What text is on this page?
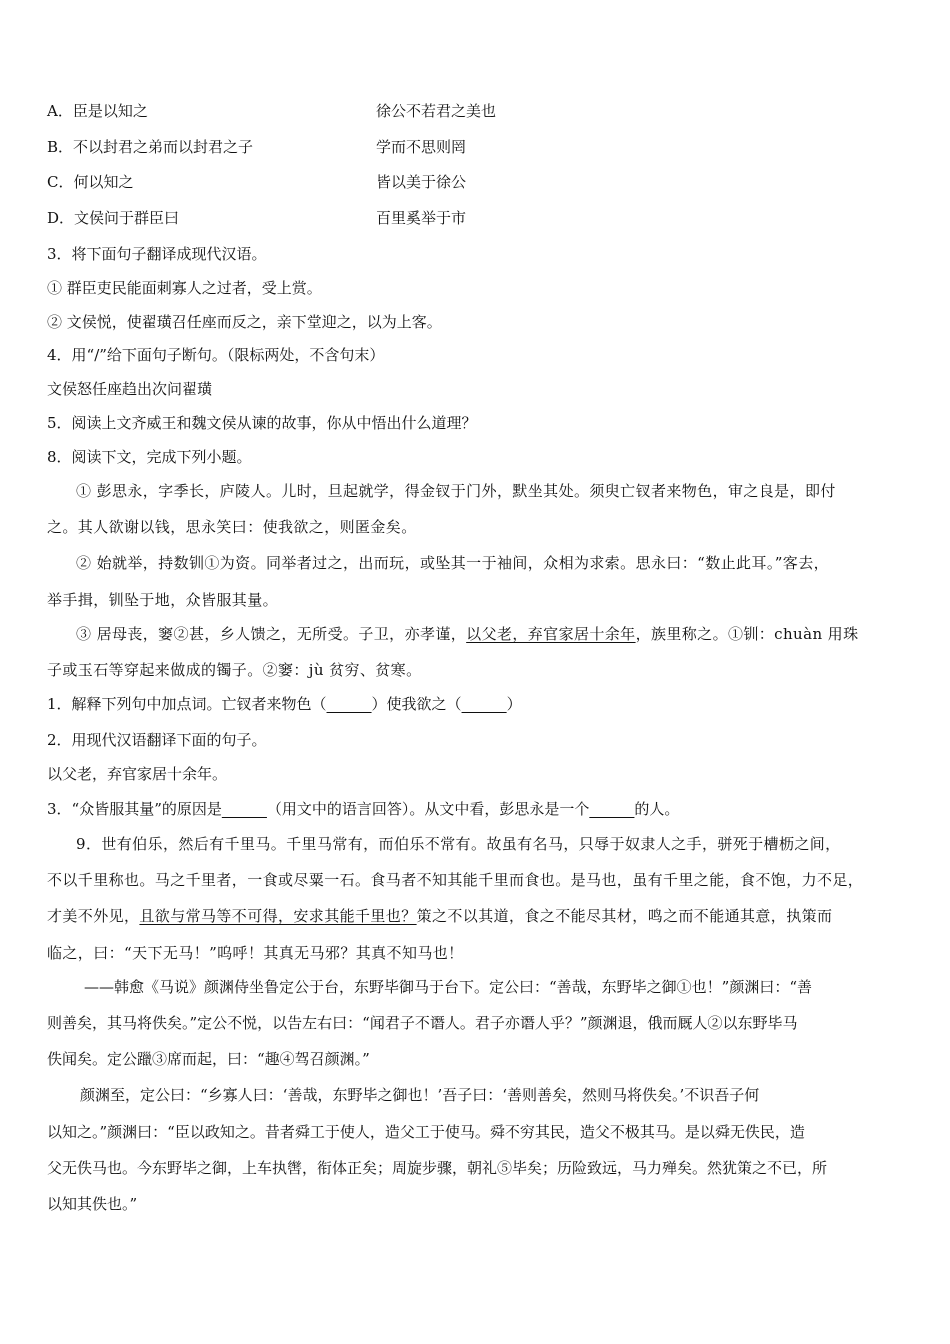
A．臣是以知之	徐公不若君之美也
B．不以封君之弟而以封君之子	学而不思则罔
C．何以知之	皆以美于徐公
D．文侯问于群臣曰	百里奚举于市
3．将下面句子翻译成现代汉语。
① 群臣吏民能面刺寡人之过者，受上赏。
② 文侯悦，使翟璜召任座而反之，亲下堂迎之，以为上客。
4．用“/”给下面句子断句。（限标两处，不含句末）
文侯怒任座趋出次问翟璜
5．阅读上文齐威王和魏文侯从谏的故事，你从中悟出什么道理？
8．阅读下文，完成下列小题。
① 彭思永，字季长，庐陵人。儿时，旦起就学，得金钗于门外，默坐其处。须臾亡钗者来物色，审之良是，即付
之。其人欲谢以钱，思永笑曰：使我欲之，则匿金矣。
② 始就举，持数钏①为资。同举者过之，出而玩，或坠其一于袖间，众相为求索。思永曰：“数止此耳。”客去，
举手揖，钏坠于地，众皆服其量。
③ 居母丧，窭②甚，乡人馈之，无所受。子卫，亦孝谨，以父老，弃官家居十余年，族里称之。①钏：chuàn 用珠
子或玉石等穿起来做成的镯子。②窭：jù 贫穷、贫寒。
1．解释下列句中加点词。亡钗者来物色（______）使我欲之（______）
2．用现代汉语翻译下面的句子。
以父老，弃官家居十余年。
3．“众皆服其量”的原因是______（用文中的语言回答）。从文中看，彭思永是一个______的人。
9．世有伯乐，然后有千里马。千里马常有，而伯乐不常有。故虽有名马，只辱于奴隶人之手，骈死于槽枥之间，
不以千里称也。马之千里者，一食或尽粟一石。食马者不知其能千里而食也。是马也，虽有千里之能，食不饱，力不足，
才美不外见，且欲与常马等不可得，安求其能千里也？策之不以其道，食之不能尽其材，鸣之而不能通其意，执策而
临之，曰：“天下无马！”呜呼！其真无马邪？其真不知马也！
——韩愈《马说》颜渊侍坐鲁定公于台，东野毕御马于台下。定公曰：“善哉，东野毕之御①也！”颜渊曰：“善
则善矣，其马将佚矣。”定公不悦，以告左右曰：“闻君子不谮人。君子亦谮人乎？”颜渊退，俄而厩人②以东野毕马
佚闻矣。定公躐③席而起，曰：“趣④驾召颜渊。”
颜渊至，定公曰：“乡寡人曰：‘善哉，东野毕之御也！’吾子曰：‘善则善矣，然则马将佚矣。’不识吾子何
以知之。”颜渊曰：“臣以政知之。昔者舜工于使人，造父工于使马。舜不穷其民，造父不极其马。是以舜无佚民，造
父无佚马也。今东野毕之御，上车执辔，衔体正矣；周旋步骤，朝礼⑤毕矣；历险致远，马力殚矣。然犹策之不已，所
以知其佚也。”
